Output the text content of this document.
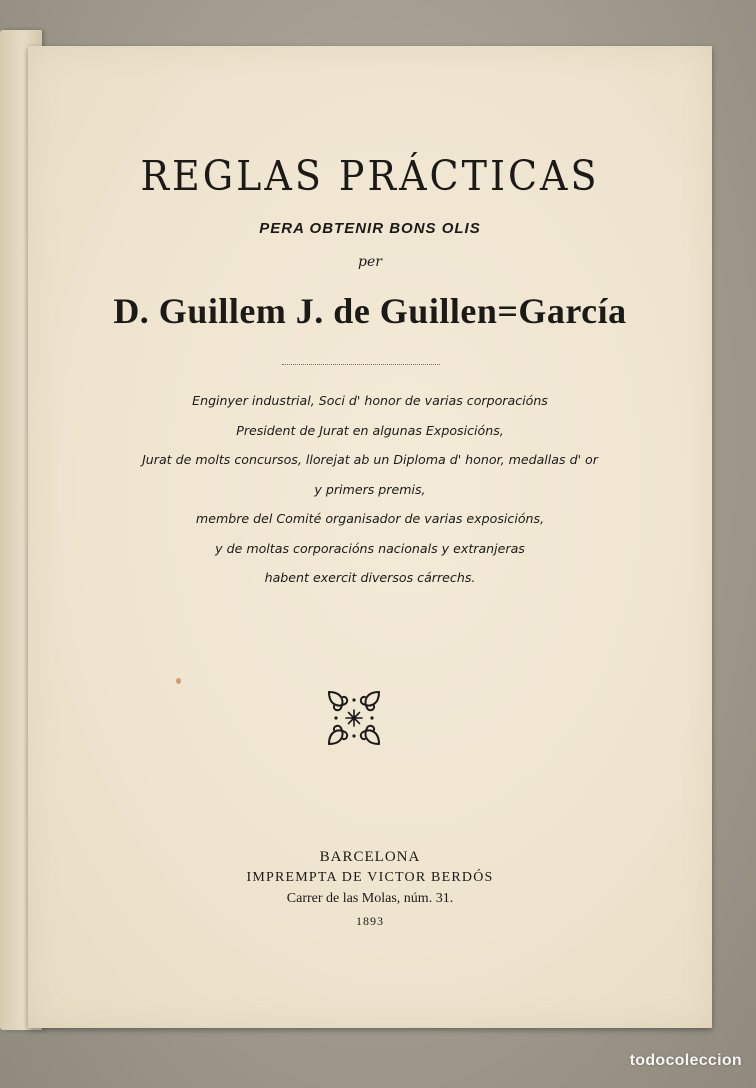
REGLAS PRÁCTICAS
PERA OBTENIR BONS OLIS
per
D. Guillem J. de Guillen=García
Enginyer industrial, Soci d' honor de varias corporacións
President de Jurat en algunas Exposicións,
Jurat de molts concursos, llorejat ab un Diploma d' honor, medallas d' or
y primers premis,
membre del Comité organisador de varias exposicións,
y de moltas corporacións nacionals y extranjeras
habent exercit diversos cárrechs.
BARCELONA
IMPREMPTA DE VICTOR BERDÓS
Carrer de las Molas, núm. 31.
1893
todocoleccion
